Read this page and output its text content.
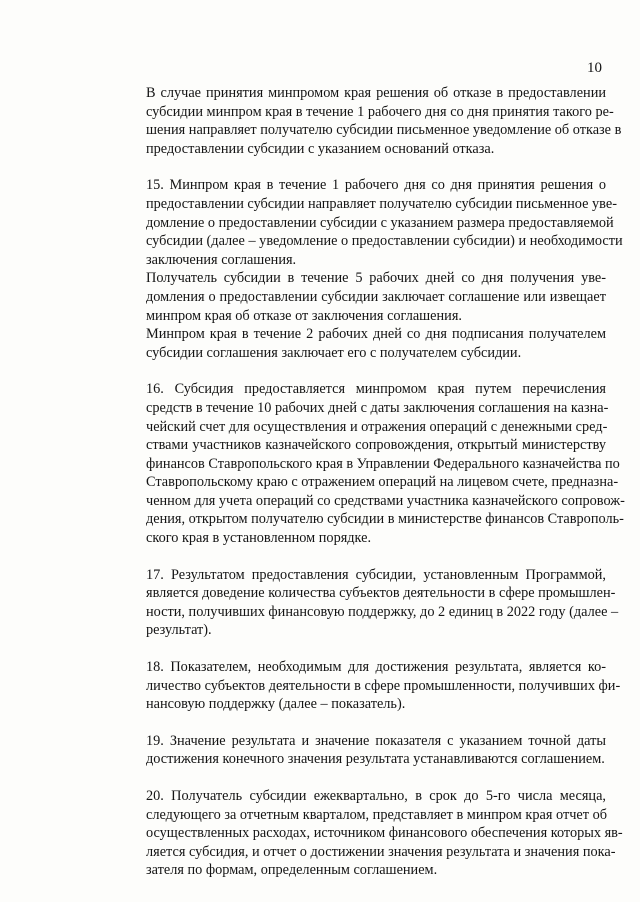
10

В случае принятия минпромом края решения об отказе в предоставлении
субсидии минпром края в течение 1 рабочего дня со дня принятия такого ре-
шения направляет получателю субсидии письменное уведомление об отказе в
предоставлении субсидии с указанием оснований отказа.

15. Минпром края в течение 1 рабочего дня со дня принятия решения о
предоставлении субсидии направляет получателю субсидии письменное уве-
домление о предоставлении субсидии с указанием размера предоставляемой
субсидии (далее – уведомление о предоставлении субсидии) и необходимости
заключения соглашения.

Получатель субсидии в течение 5 рабочих дней со дня получения уве-
домления о предоставлении субсидии заключает соглашение или извещает
минпром края об отказе от заключения соглашения.

Минпром края в течение 2 рабочих дней со дня подписания получателем
субсидии соглашения заключает его с получателем субсидии.

16. Субсидия предоставляется минпромом края путем перечисления
средств в течение 10 рабочих дней с даты заключения соглашения на казна-
чейский счет для осуществления и отражения операций с денежными сред-
ствами участников казначейского сопровождения, открытый министерству
финансов Ставропольского края в Управлении Федерального казначейства по
Ставропольскому краю с отражением операций на лицевом счете, предназна-
ченном для учета операций со средствами участника казначейского сопровож-
дения, открытом получателю субсидии в министерстве финансов Ставрополь-
ского края в установленном порядке.

17. Результатом предоставления субсидии, установленным Программой,
является доведение количества субъектов деятельности в сфере промышлен-
ности, получивших финансовую поддержку, до 2 единиц в 2022 году (далее –
результат).

18. Показателем, необходимым для достижения результата, является ко-
личество субъектов деятельности в сфере промышленности, получивших фи-
нансовую поддержку (далее – показатель).

19. Значение результата и значение показателя с указанием точной даты
достижения конечного значения результата устанавливаются соглашением.

20. Получатель субсидии ежеквартально, в срок до 5-го числа месяца,
следующего за отчетным кварталом, представляет в минпром края отчет об
осуществленных расходах, источником финансового обеспечения которых яв-
ляется субсидия, и отчет о достижении значения результата и значения пока-
зателя по формам, определенным соглашением.
